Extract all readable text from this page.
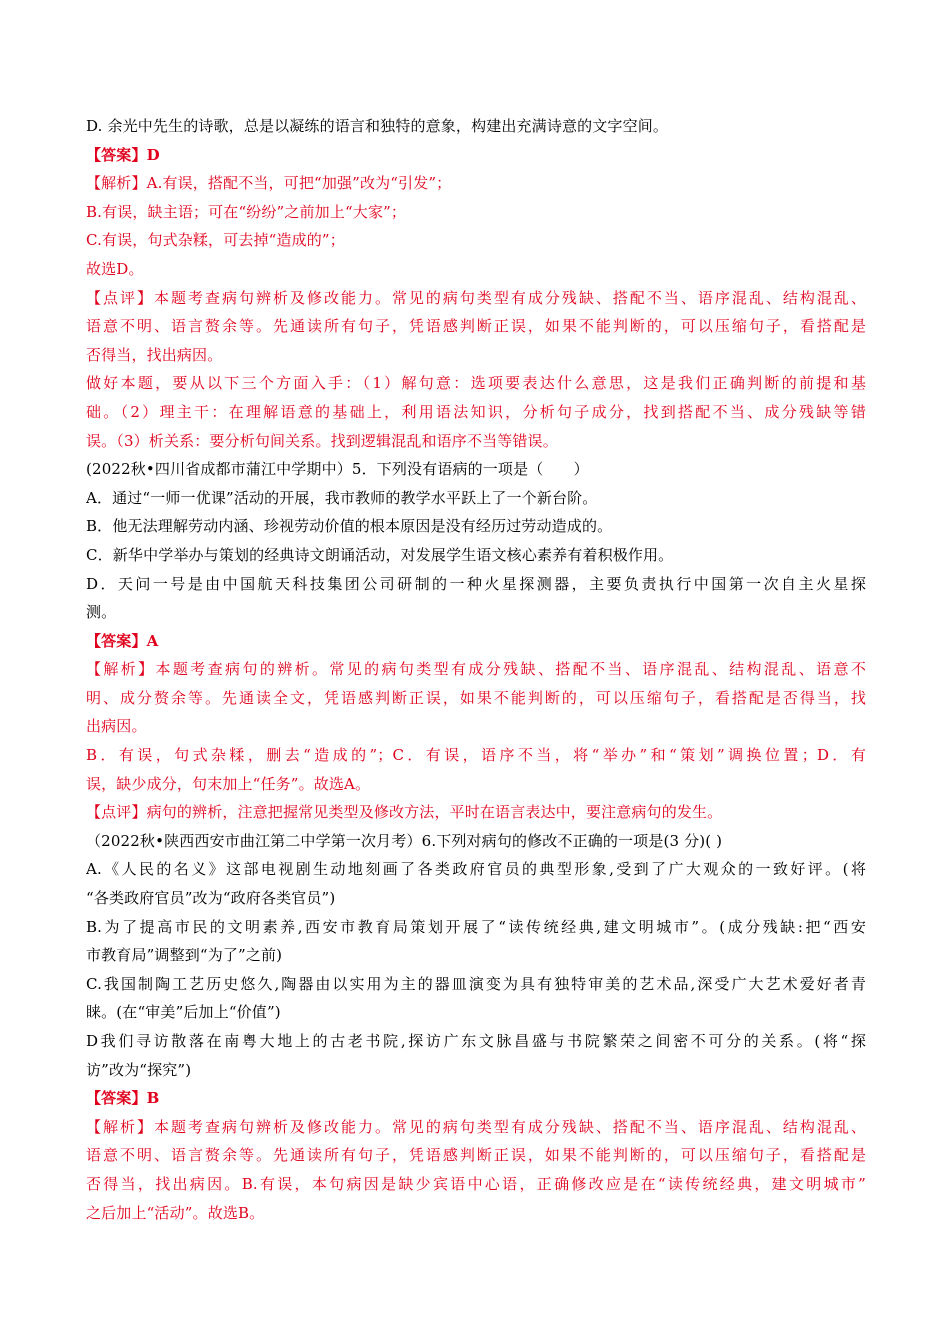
D. 余光中先生的诗歌，总是以凝练的语言和独特的意象，构建出充满诗意的文字空间。
【答案】D
【解析】A.有误，搭配不当，可把“加强”改为“引发”；
B.有误，缺主语；可在“纷纷”之前加上“大家”；
C.有误，句式杂糅，可去掉“造成的”；
故选D。
【点评】本题考查病句辨析及修改能力。常见的病句类型有成分残缺、搭配不当、语序混乱、结构混乱、
语意不明、语言赘余等。先通读所有句子，凭语感判断正误，如果不能判断的，可以压缩句子，看搭配是
否得当，找出病因。
做好本题，要从以下三个方面入手：（1）解句意：选项要表达什么意思，这是我们正确判断的前提和基
础。（2）理主干：在理解语意的基础上，利用语法知识，分析句子成分，找到搭配不当、成分残缺等错
误。（3）析关系：要分析句间关系。找到逻辑混乱和语序不当等错误。
(2022秋•四川省成都市蒲江中学期中）5．下列没有语病的一项是（　　）
A．通过“一师一优课”活动的开展，我市教师的教学水平跃上了一个新台阶。
B．他无法理解劳动内涵、珍视劳动价值的根本原因是没有经历过劳动造成的。
C．新华中学举办与策划的经典诗文朗诵活动，对发展学生语文核心素养有着积极作用。
D．天问一号是由中国航天科技集团公司研制的一种火星探测器，主要负责执行中国第一次自主火星探
测。
【答案】A
【解析】本题考查病句的辨析。常见的病句类型有成分残缺、搭配不当、语序混乱、结构混乱、语意不
明、成分赘余等。先通读全文，凭语感判断正误，如果不能判断的，可以压缩句子，看搭配是否得当，找
出病因。
B．有误，句式杂糅，删去“造成的”；C．有误，语序不当，将“举办”和“策划”调换位置；D．有
误，缺少成分，句末加上“任务”。故选A。
【点评】病句的辨析，注意把握常见类型及修改方法，平时在语言表达中，要注意病句的发生。
（2022秋•陕西西安市曲江第二中学第一次月考）6.下列对病句的修改不正确的一项是(3 分)( )
A.《人民的名义》这部电视剧生动地刻画了各类政府官员的典型形象,受到了广大观众的一致好评。(将
“各类政府官员”改为“政府各类官员”)
B.为了提高市民的文明素养,西安市教育局策划开展了“读传统经典,建文明城市”。(成分残缺:把“西安
市教育局”调整到“为了”之前)
C.我国制陶工艺历史悠久,陶器由以实用为主的器皿演变为具有独特审美的艺术品,深受广大艺术爱好者青
睐。(在“审美”后加上“价值”)
D我们寻访散落在南粤大地上的古老书院,探访广东文脉昌盛与书院繁荣之间密不可分的关系。(将“探
访”改为“探究”)
【答案】B
【解析】本题考查病句辨析及修改能力。常见的病句类型有成分残缺、搭配不当、语序混乱、结构混乱、
语意不明、语言赘余等。先通读所有句子，凭语感判断正误，如果不能判断的，可以压缩句子，看搭配是
否得当，找出病因。B.有误，本句病因是缺少宾语中心语，正确修改应是在“读传统经典，建文明城市”
之后加上“活动”。故选B。
